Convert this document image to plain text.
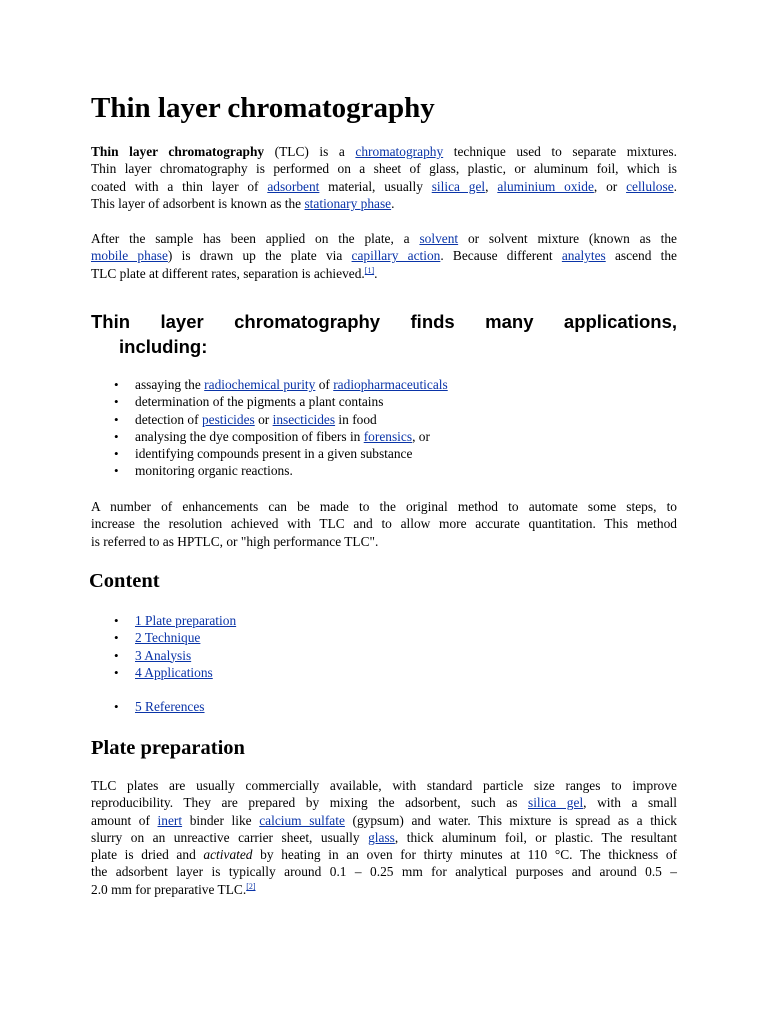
Thin layer chromatography
Thin layer chromatography (TLC) is a chromatography technique used to separate mixtures.
Thin layer chromatography is performed on a sheet of glass, plastic, or aluminum foil, which is
coated with a thin layer of adsorbent material, usually silica gel, aluminium oxide, or cellulose.
This layer of adsorbent is known as the stationary phase.
After the sample has been applied on the plate, a solvent or solvent mixture (known as the
mobile phase) is drawn up the plate via capillary action. Because different analytes ascend the
TLC plate at different rates, separation is achieved.[1].
Thin layer chromatography finds many applications,
including:
• assaying the radiochemical purity of radiopharmaceuticals
• determination of the pigments a plant contains
• detection of pesticides or insecticides in food
• analysing the dye composition of fibers in forensics, or
• identifying compounds present in a given substance
• monitoring organic reactions.
A number of enhancements can be made to the original method to automate some steps, to
increase the resolution achieved with TLC and to allow more accurate quantitation. This method
is referred to as HPTLC, or "high performance TLC".
Content
• 1 Plate preparation
• 2 Technique
• 3 Analysis
• 4 Applications
• 5 References
Plate preparation
TLC plates are usually commercially available, with standard particle size ranges to improve
reproducibility. They are prepared by mixing the adsorbent, such as silica gel, with a small
amount of inert binder like calcium sulfate (gypsum) and water. This mixture is spread as a thick
slurry on an unreactive carrier sheet, usually glass, thick aluminum foil, or plastic. The resultant
plate is dried and activated by heating in an oven for thirty minutes at 110 °C. The thickness of
the adsorbent layer is typically around 0.1 – 0.25 mm for analytical purposes and around 0.5 –
2.0 mm for preparative TLC.[2]
